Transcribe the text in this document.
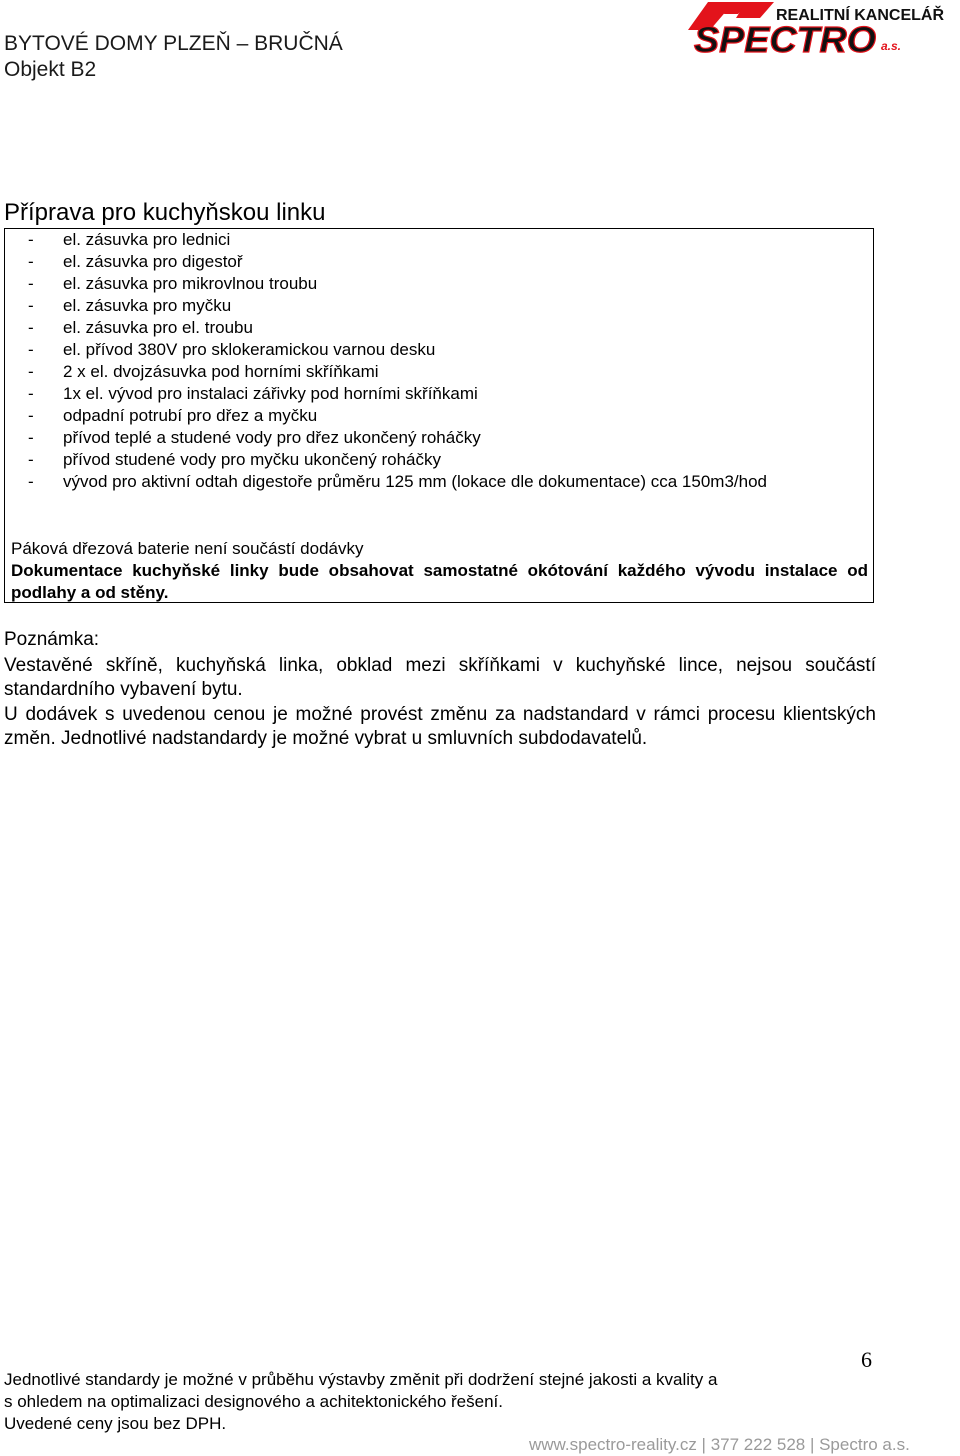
BYTOVÉ DOMY PLZEŇ – BRUČNÁ
Objekt B2
REALITNÍ KANCELÁŘ
SPECTRO a.s.
Příprava pro kuchyňskou linku
- el. zásuvka pro lednici
- el. zásuvka pro digestoř
- el. zásuvka pro mikrovlnou troubu
- el. zásuvka pro myčku
- el. zásuvka pro el. troubu
- el. přívod 380V pro sklokeramickou varnou desku
- 2 x el. dvojzásuvka pod horními skříňkami
- 1x el. vývod pro instalaci zářivky pod horními skříňkami
- odpadní potrubí pro dřez a myčku
- přívod teplé a studené vody pro dřez ukončený roháčky
- přívod studené vody pro myčku ukončený roháčky
- vývod pro aktivní odtah digestoře průměru 125 mm (lokace dle dokumentace) cca 150m3/hod
Páková dřezová baterie není součástí dodávky
Dokumentace kuchyňské linky bude obsahovat samostatné okótování každého vývodu instalace od podlahy a od stěny.
Poznámka:
Vestavěné skříně, kuchyňská linka, obklad mezi skříňkami v kuchyňské lince, nejsou součástí standardního vybavení bytu.
U dodávek s uvedenou cenou je možné provést změnu za nadstandard v rámci procesu klientských změn. Jednotlivé nadstandardy je možné vybrat u smluvních subdodavatelů.
6
Jednotlivé standardy je možné v průběhu výstavby změnit při dodržení stejné jakosti a kvality a
s ohledem na optimalizaci designového a achitektonického řešení.
Uvedené ceny jsou bez DPH.
www.spectro-reality.cz | 377 222 528 | Spectro a.s.
